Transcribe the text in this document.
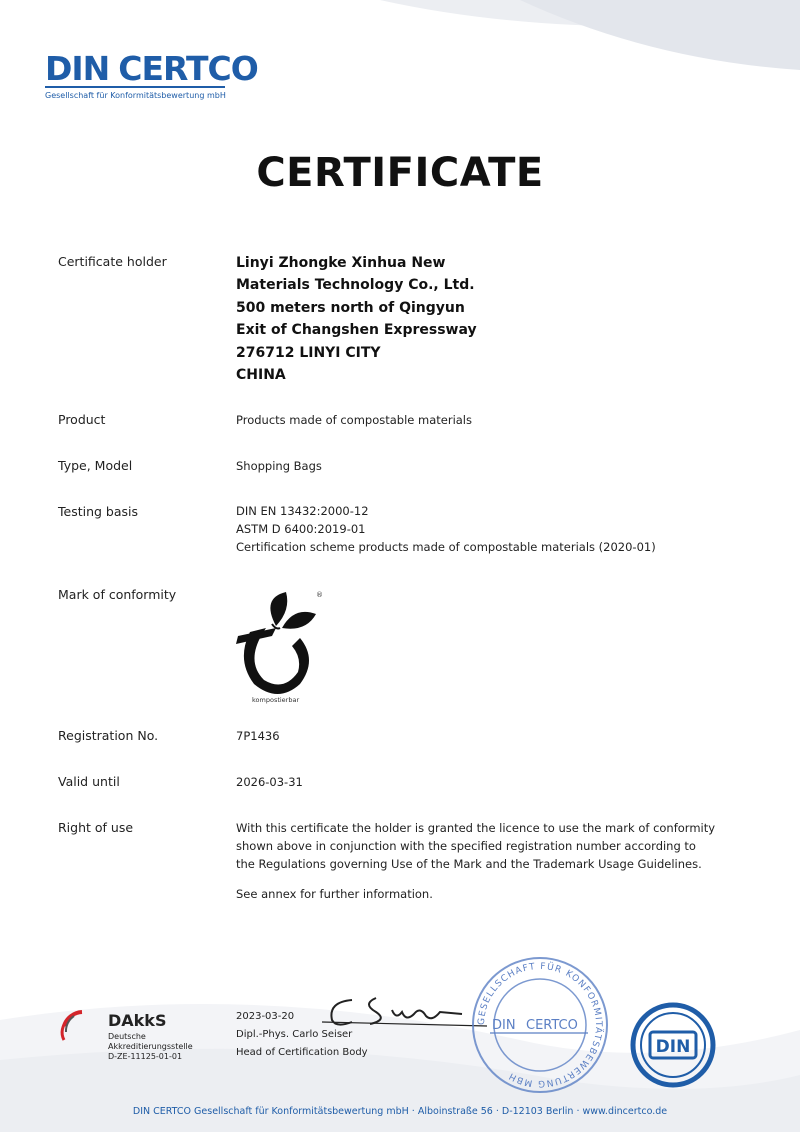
DIN CERTCO
Gesellschaft für Konformitätsbewertung mbH
CERTIFICATE
Certificate holder	Linyi Zhongke Xinhua New
Materials Technology Co., Ltd.
500 meters north of Qingyun
Exit of Changshen Expressway
276712 LINYI CITY
CHINA
Product	Products made of compostable materials
Type, Model	Shopping Bags
Testing basis	DIN EN 13432:2000-12
ASTM D 6400:2019-01
Certification scheme products made of compostable materials (2020-01)
Mark of conformity	®
kompostierbar
Registration No.	7P1436
Valid until	2026-03-31
Right of use	With this certificate the holder is granted the licence to use the mark of conformity
shown above in conjunction with the specified registration number according to
the Regulations governing Use of the Mark and the Trademark Usage Guidelines.
See annex for further information.
DAkkS
Deutsche
Akkreditierungsstelle
D-ZE-11125-01-01
2023-03-20
Dipl.-Phys. Carlo Seiser
Head of Certification Body
GESELLSCHAFT FÜR KONFORMITÄTSBEWERTUNG MBH
DIN CERTCO
DIN
DIN CERTCO Gesellschaft für Konformitätsbewertung mbH · Alboinstraße 56 · D-12103 Berlin · www.dincertco.de
